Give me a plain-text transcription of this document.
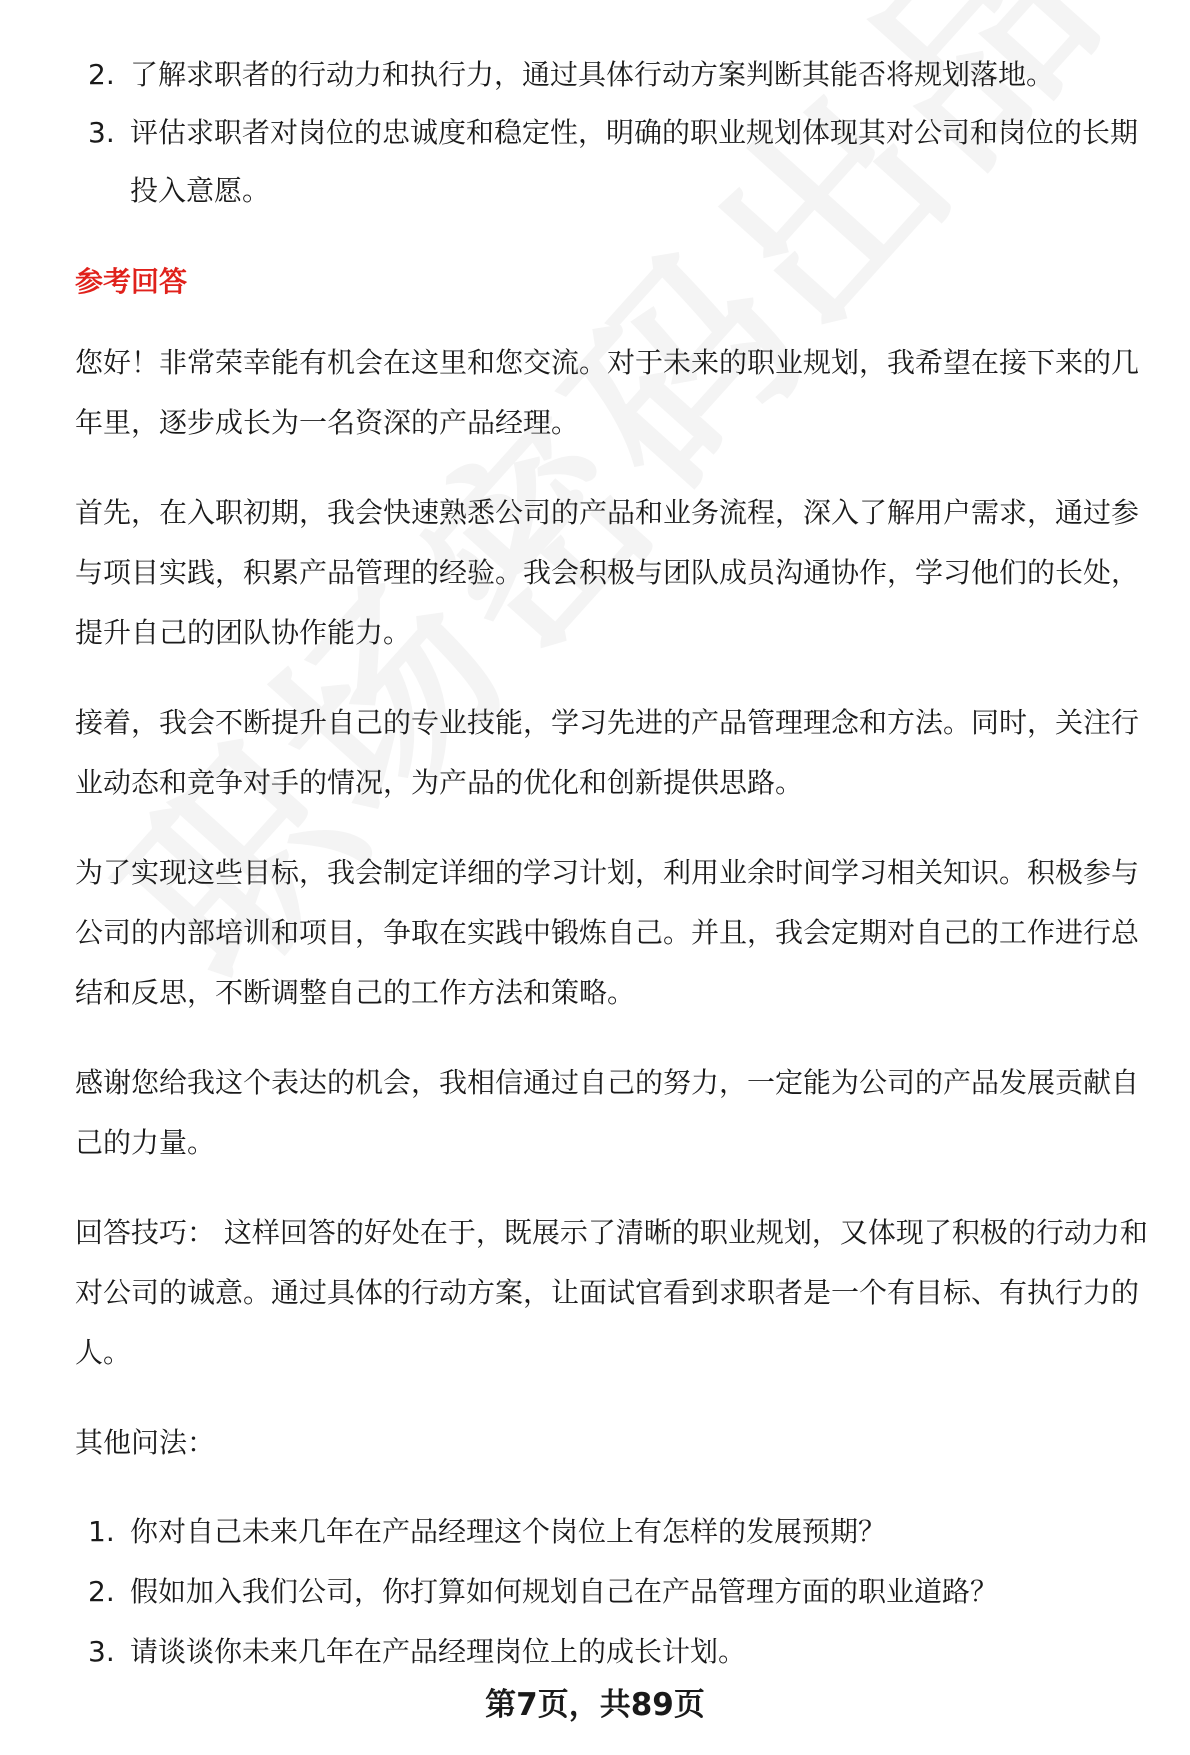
2. 了解求职者的行动力和执行力，通过具体行动方案判断其能否将规划落地。
3. 评估求职者对岗位的忠诚度和稳定性，明确的职业规划体现其对公司和岗位的长期投入意愿。
参考回答
您好！非常荣幸能有机会在这里和您交流。对于未来的职业规划，我希望在接下来的几年里，逐步成长为一名资深的产品经理。
首先，在入职初期，我会快速熟悉公司的产品和业务流程，深入了解用户需求，通过参与项目实践，积累产品管理的经验。我会积极与团队成员沟通协作，学习他们的长处，提升自己的团队协作能力。
接着，我会不断提升自己的专业技能，学习先进的产品管理理念和方法。同时，关注行业动态和竞争对手的情况，为产品的优化和创新提供思路。
为了实现这些目标，我会制定详细的学习计划，利用业余时间学习相关知识。积极参与公司的内部培训和项目，争取在实践中锻炼自己。并且，我会定期对自己的工作进行总结和反思，不断调整自己的工作方法和策略。
感谢您给我这个表达的机会，我相信通过自己的努力，一定能为公司的产品发展贡献自己的力量。
回答技巧： 这样回答的好处在于，既展示了清晰的职业规划，又体现了积极的行动力和对公司的诚意。通过具体的行动方案，让面试官看到求职者是一个有目标、有执行力的人。
其他问法：
1. 你对自己未来几年在产品经理这个岗位上有怎样的发展预期？
2. 假如加入我们公司，你打算如何规划自己在产品管理方面的职业道路？
3. 请谈谈你未来几年在产品经理岗位上的成长计划。
第7页，共89页
